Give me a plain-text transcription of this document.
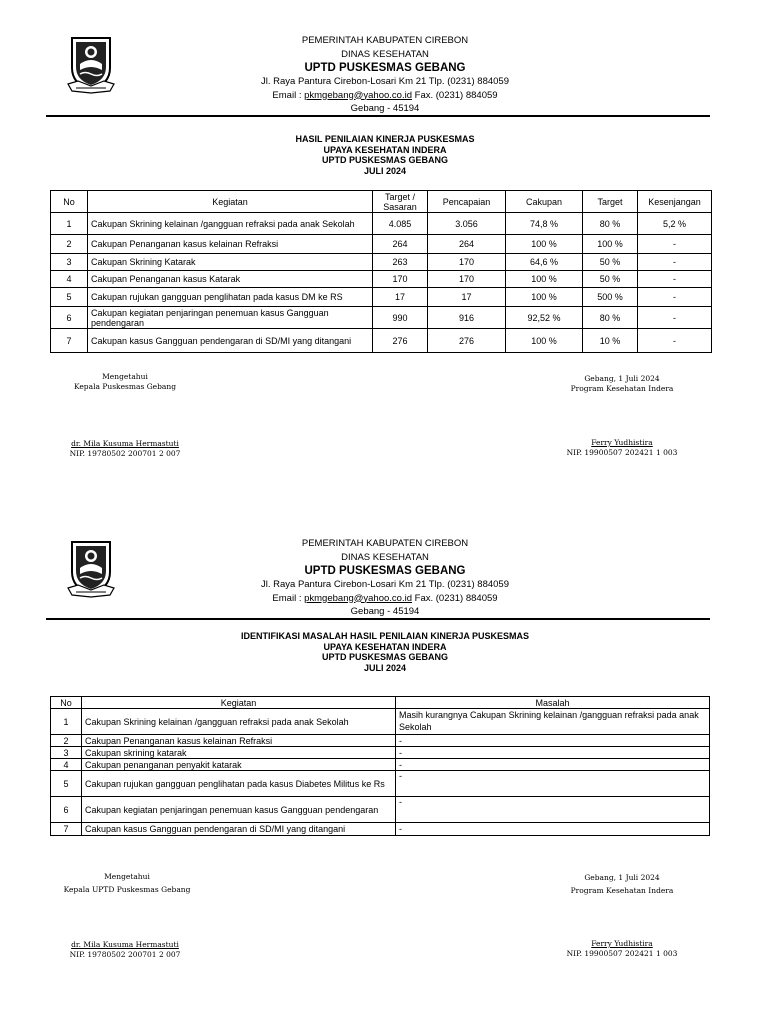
PEMERINTAH KABUPATEN CIREBON
DINAS KESEHATAN
UPTD PUSKESMAS GEBANG
Jl. Raya Pantura Cirebon-Losari Km 21 Tlp. (0231) 884059
Email : pkmgebang@yahoo.co.id Fax. (0231) 884059
Gebang - 45194
HASIL PENILAIAN KINERJA PUSKESMAS
UPAYA KESEHATAN INDERA
UPTD PUSKESMAS GEBANG
JULI 2024
No	Kegiatan	Target / Sasaran	Pencapaian	Cakupan	Target	Kesenjangan
1	Cakupan Skrining kelainan /gangguan refraksi pada anak Sekolah	4.085	3.056	74,8 %	80 %	5,2 %
2	Cakupan Penanganan kasus kelainan Refraksi	264	264	100 %	100 %	-
3	Cakupan Skrining Katarak	263	170	64,6 %	50 %	-
4	Cakupan Penanganan kasus Katarak	170	170	100 %	50 %	-
5	Cakupan rujukan gangguan penglihatan pada kasus DM ke RS	17	17	100 %	500 %	-
6	Cakupan kegiatan penjaringan penemuan kasus Gangguan pendengaran	990	916	92,52 %	80 %	-
7	Cakupan kasus Gangguan pendengaran di SD/MI yang ditangani	276	276	100 %	10 %	-
Mengetahui
Kepala Puskesmas Gebang
dr. Mila Kusuma Hermastuti
NIP. 19780502 200701 2 007
Gebang, 1 Juli 2024
Program Kesehatan Indera
Ferry Yudhistira
NIP. 19900507 202421 1 003
PEMERINTAH KABUPATEN CIREBON
DINAS KESEHATAN
UPTD PUSKESMAS GEBANG
Jl. Raya Pantura Cirebon-Losari Km 21 Tlp. (0231) 884059
Email : pkmgebang@yahoo.co.id Fax. (0231) 884059
Gebang - 45194
IDENTIFIKASI MASALAH HASIL PENILAIAN KINERJA PUSKESMAS
UPAYA KESEHATAN INDERA
UPTD PUSKESMAS GEBANG
JULI 2024
No	Kegiatan	Masalah
1	Cakupan Skrining kelainan /gangguan refraksi pada anak Sekolah	Masih kurangnya Cakupan Skrining kelainan /gangguan refraksi pada anak Sekolah
2	Cakupan Penanganan kasus kelainan Refraksi	-
3	Cakupan skrining katarak	-
4	Cakupan penanganan penyakit katarak	-
5	Cakupan rujukan gangguan penglihatan pada kasus Diabetes Militus ke Rs	-
6	Cakupan kegiatan penjaringan penemuan kasus Gangguan pendengaran	-
7	Cakupan kasus Gangguan pendengaran di SD/MI yang ditangani	-
Mengetahui
Kepala UPTD Puskesmas Gebang
dr. Mila Kusuma Hermastuti
NIP. 19780502 200701 2 007
Gebang, 1 Juli 2024
Program Kesehatan Indera
Ferry Yudhistira
NIP. 19900507 202421 1 003
